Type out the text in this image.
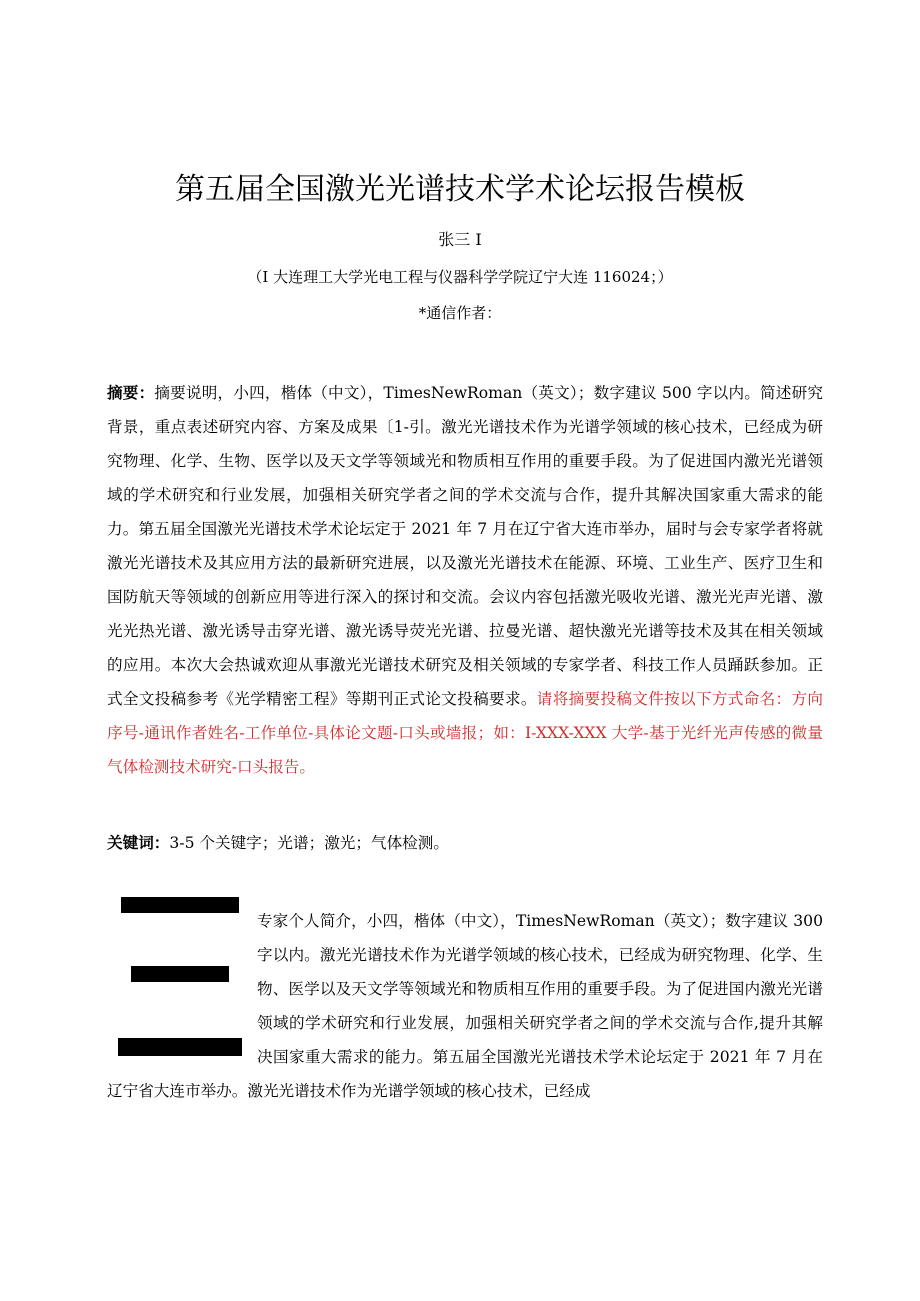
第五届全国激光光谱技术学术论坛报告模板
张三 I
（I 大连理工大学光电工程与仪器科学学院辽宁大连 116024；）
*通信作者：
摘要：摘要说明，小四，楷体（中文），TimesNewRoman（英文）；数字建议 500 字以内。简述研究背景，重点表述研究内容、方案及成果〔1-引。激光光谱技术作为光谱学领域的核心技术，已经成为研究物理、化学、生物、医学以及天文学等领域光和物质相互作用的重要手段。为了促进国内激光光谱领域的学术研究和行业发展，加强相关研究学者之间的学术交流与合作，提升其解决国家重大需求的能力。第五届全国激光光谱技术学术论坛定于 2021 年 7 月在辽宁省大连市举办，届时与会专家学者将就激光光谱技术及其应用方法的最新研究进展，以及激光光谱技术在能源、环境、工业生产、医疗卫生和国防航天等领域的创新应用等进行深入的探讨和交流。会议内容包括激光吸收光谱、激光光声光谱、激光光热光谱、激光诱导击穿光谱、激光诱导荧光光谱、拉曼光谱、超快激光光谱等技术及其在相关领域的应用。本次大会热诚欢迎从事激光光谱技术研究及相关领域的专家学者、科技工作人员踊跃参加。正式全文投稿参考《光学精密工程》等期刊正式论文投稿要求。请将摘要投稿文件按以下方式命名：方向序号-通讯作者姓名-工作单位-具体论文题-口头或墙报；如：I-XXX-XXX 大学-基于光纤光声传感的微量气体检测技术研究-口头报告。
关键词：3-5 个关键字；光谱；激光；气体检测。
专家个人简介，小四，楷体（中文），TimesNewRoman（英文）；数字建议 300 字以内。激光光谱技术作为光谱学领域的核心技术，已经成为研究物理、化学、生物、医学以及天文学等领域光和物质相互作用的重要手段。为了促进国内激光光谱领域的学术研究和行业发展，加强相关研究学者之间的学术交流与合作,提升其解决国家重大需求的能力。第五届全国激光光谱技术学术论坛定于 2021 年 7 月在辽宁省大连市举办。激光光谱技术作为光谱学领域的核心技术，已经成
